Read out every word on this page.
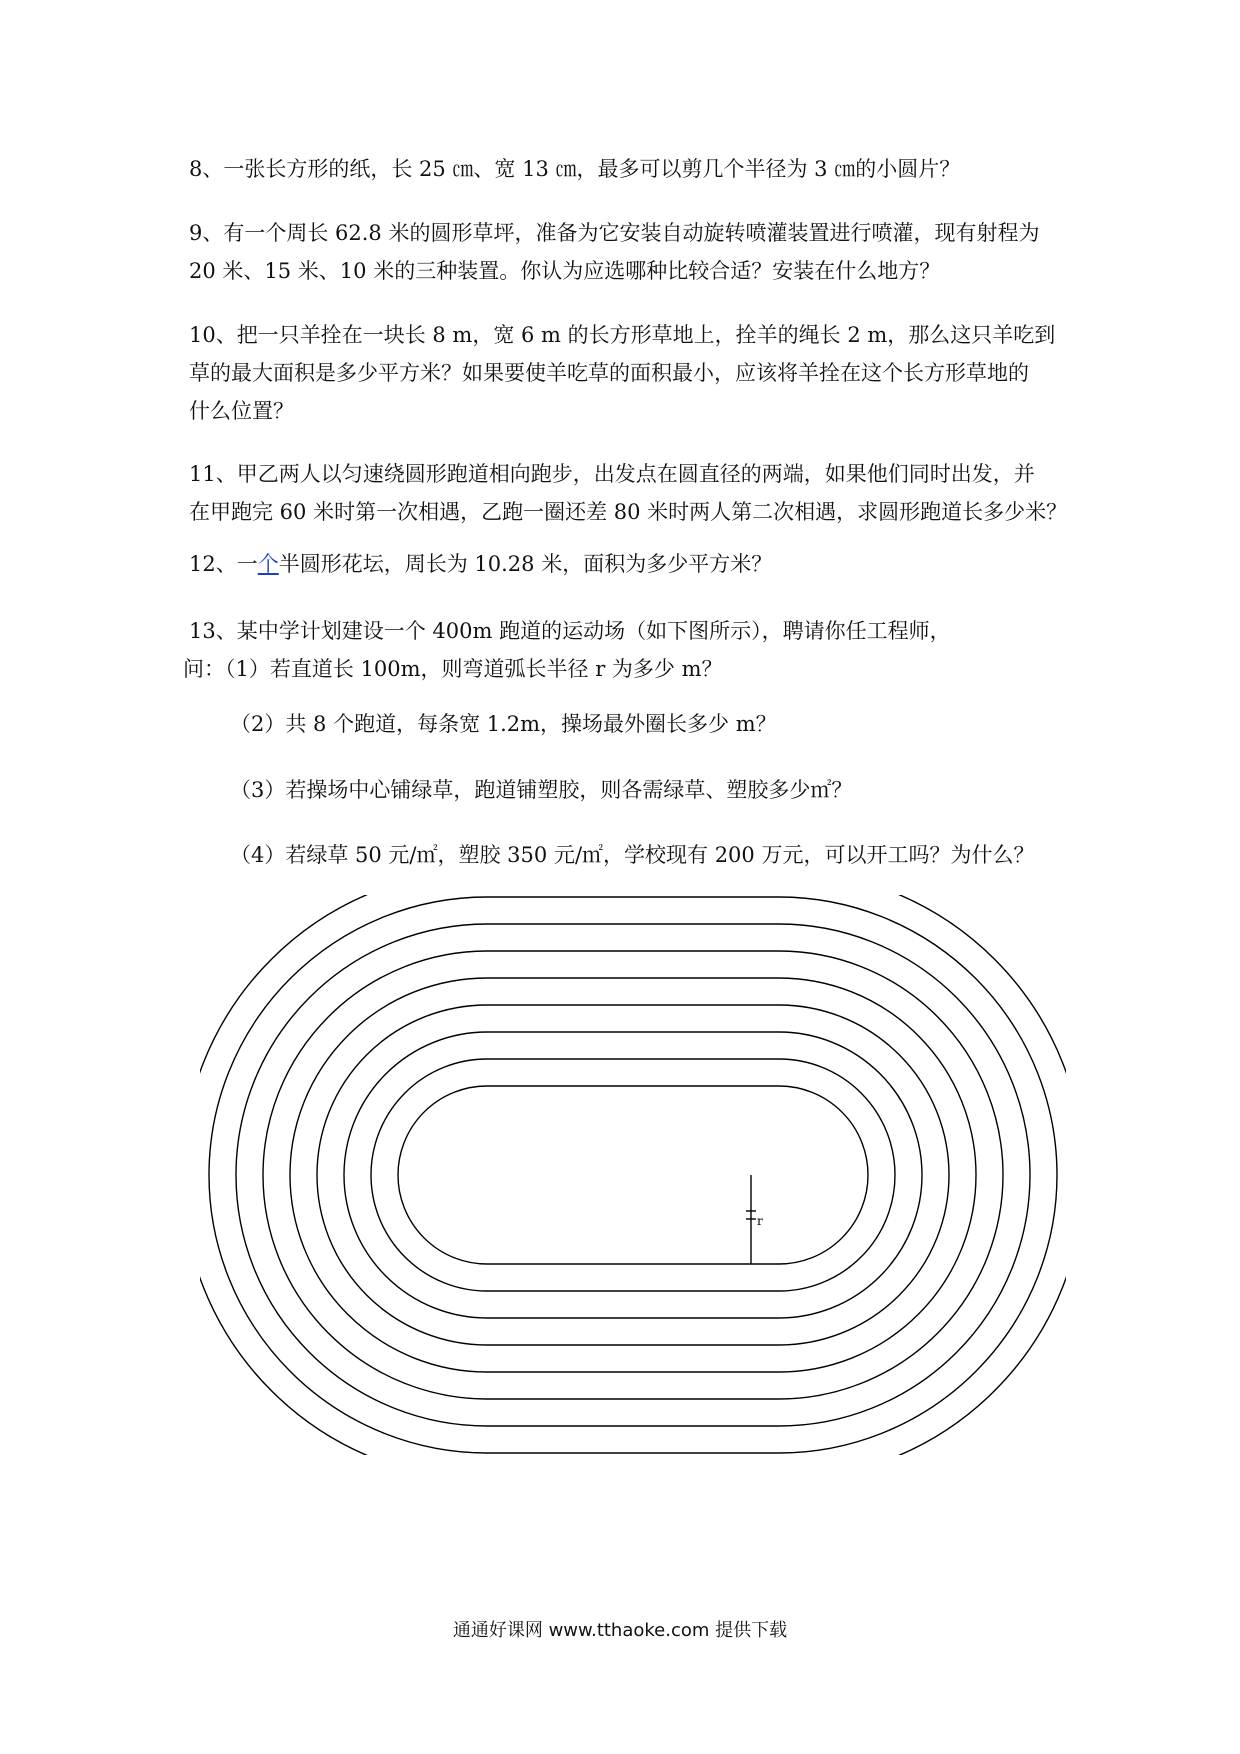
8、一张长方形的纸，长 25 ㎝、宽 13 ㎝，最多可以剪几个半径为 3 ㎝的小圆片？

9、有一个周长 62.8 米的圆形草坪，准备为它安装自动旋转喷灌装置进行喷灌，现有射程为

20 米、15 米、10 米的三种装置。你认为应选哪种比较合适？安装在什么地方？

10、把一只羊拴在一块长 8 m，宽 6 m 的长方形草地上，拴羊的绳长 2 m，那么这只羊吃到

草的最大面积是多少平方米？如果要使羊吃草的面积最小，应该将羊拴在这个长方形草地的

什么位置？

11、甲乙两人以匀速绕圆形跑道相向跑步，出发点在圆直径的两端，如果他们同时出发，并

在甲跑完 60 米时第一次相遇，乙跑一圈还差 80 米时两人第二次相遇，求圆形跑道长多少米？

12、一个半圆形花坛，周长为 10.28 米，面积为多少平方米？

13、某中学计划建设一个 400m 跑道的运动场（如下图所示），聘请你任工程师，

问：（1）若直道长 100m，则弯道弧长半径 r 为多少 m？

（2）共 8 个跑道，每条宽 1.2m，操场最外圈长多少 m？

（3）若操场中心铺绿草，跑道铺塑胶，则各需绿草、塑胶多少㎡？

（4）若绿草 50 元/㎡，塑胶 350 元/㎡，学校现有 200 万元，可以开工吗？为什么？

r
通通好课网 www.tthaoke.com 提供下载
